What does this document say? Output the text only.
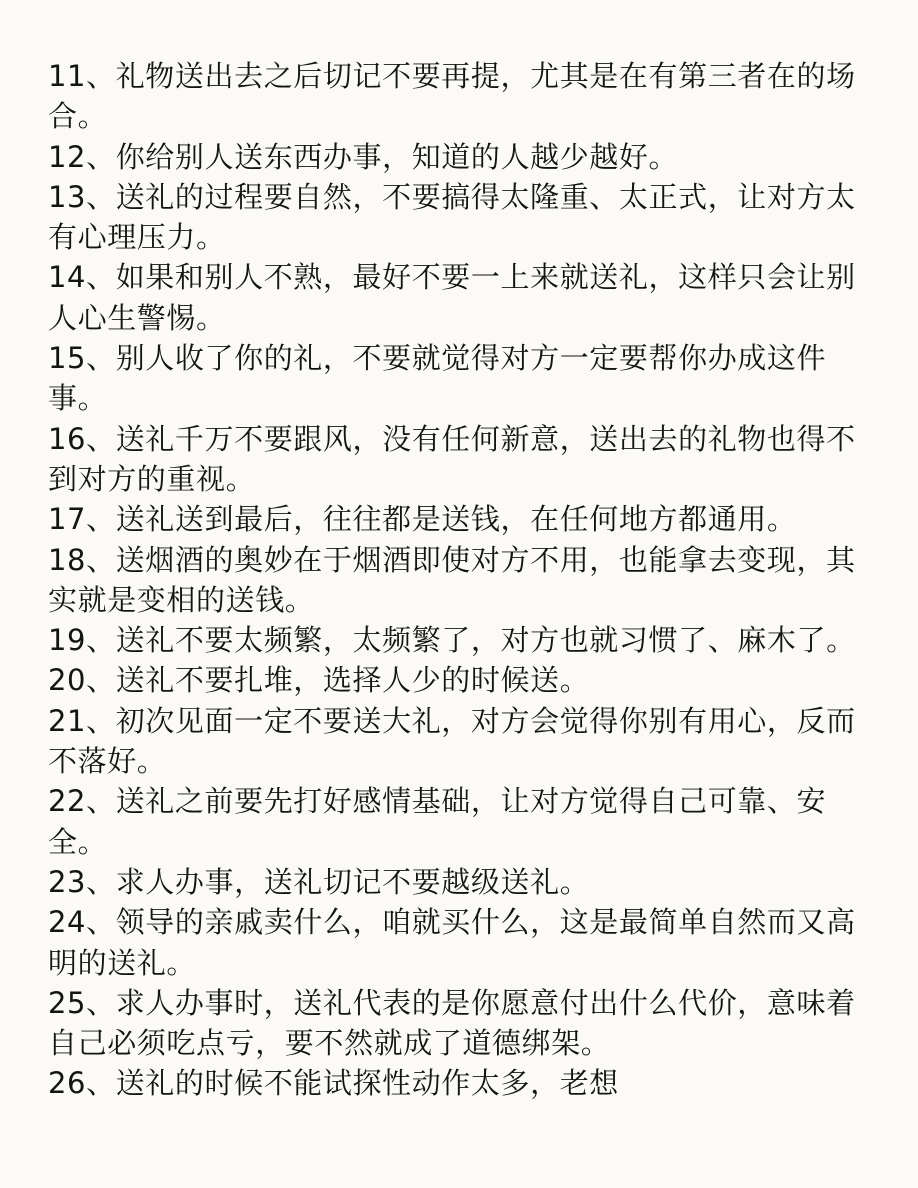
11、礼物送出去之后切记不要再提，尤其是在有第三者在的场合。
12、你给别人送东西办事，知道的人越少越好。
13、送礼的过程要自然，不要搞得太隆重、太正式，让对方太有心理压力。
14、如果和别人不熟，最好不要一上来就送礼，这样只会让别人心生警惕。
15、别人收了你的礼，不要就觉得对方一定要帮你办成这件事。
16、送礼千万不要跟风，没有任何新意，送出去的礼物也得不到对方的重视。
17、送礼送到最后，往往都是送钱，在任何地方都通用。
18、送烟酒的奥妙在于烟酒即使对方不用，也能拿去变现，其实就是变相的送钱。
19、送礼不要太频繁，太频繁了，对方也就习惯了、麻木了。
20、送礼不要扎堆，选择人少的时候送。
21、初次见面一定不要送大礼，对方会觉得你别有用心，反而不落好。
22、送礼之前要先打好感情基础，让对方觉得自己可靠、安全。
23、求人办事，送礼切记不要越级送礼。
24、领导的亲戚卖什么，咱就买什么，这是最简单自然而又高明的送礼。
25、求人办事时，送礼代表的是你愿意付出什么代价，意味着自己必须吃点亏，要不然就成了道德绑架。
26、送礼的时候不能试探性动作太多，老想
